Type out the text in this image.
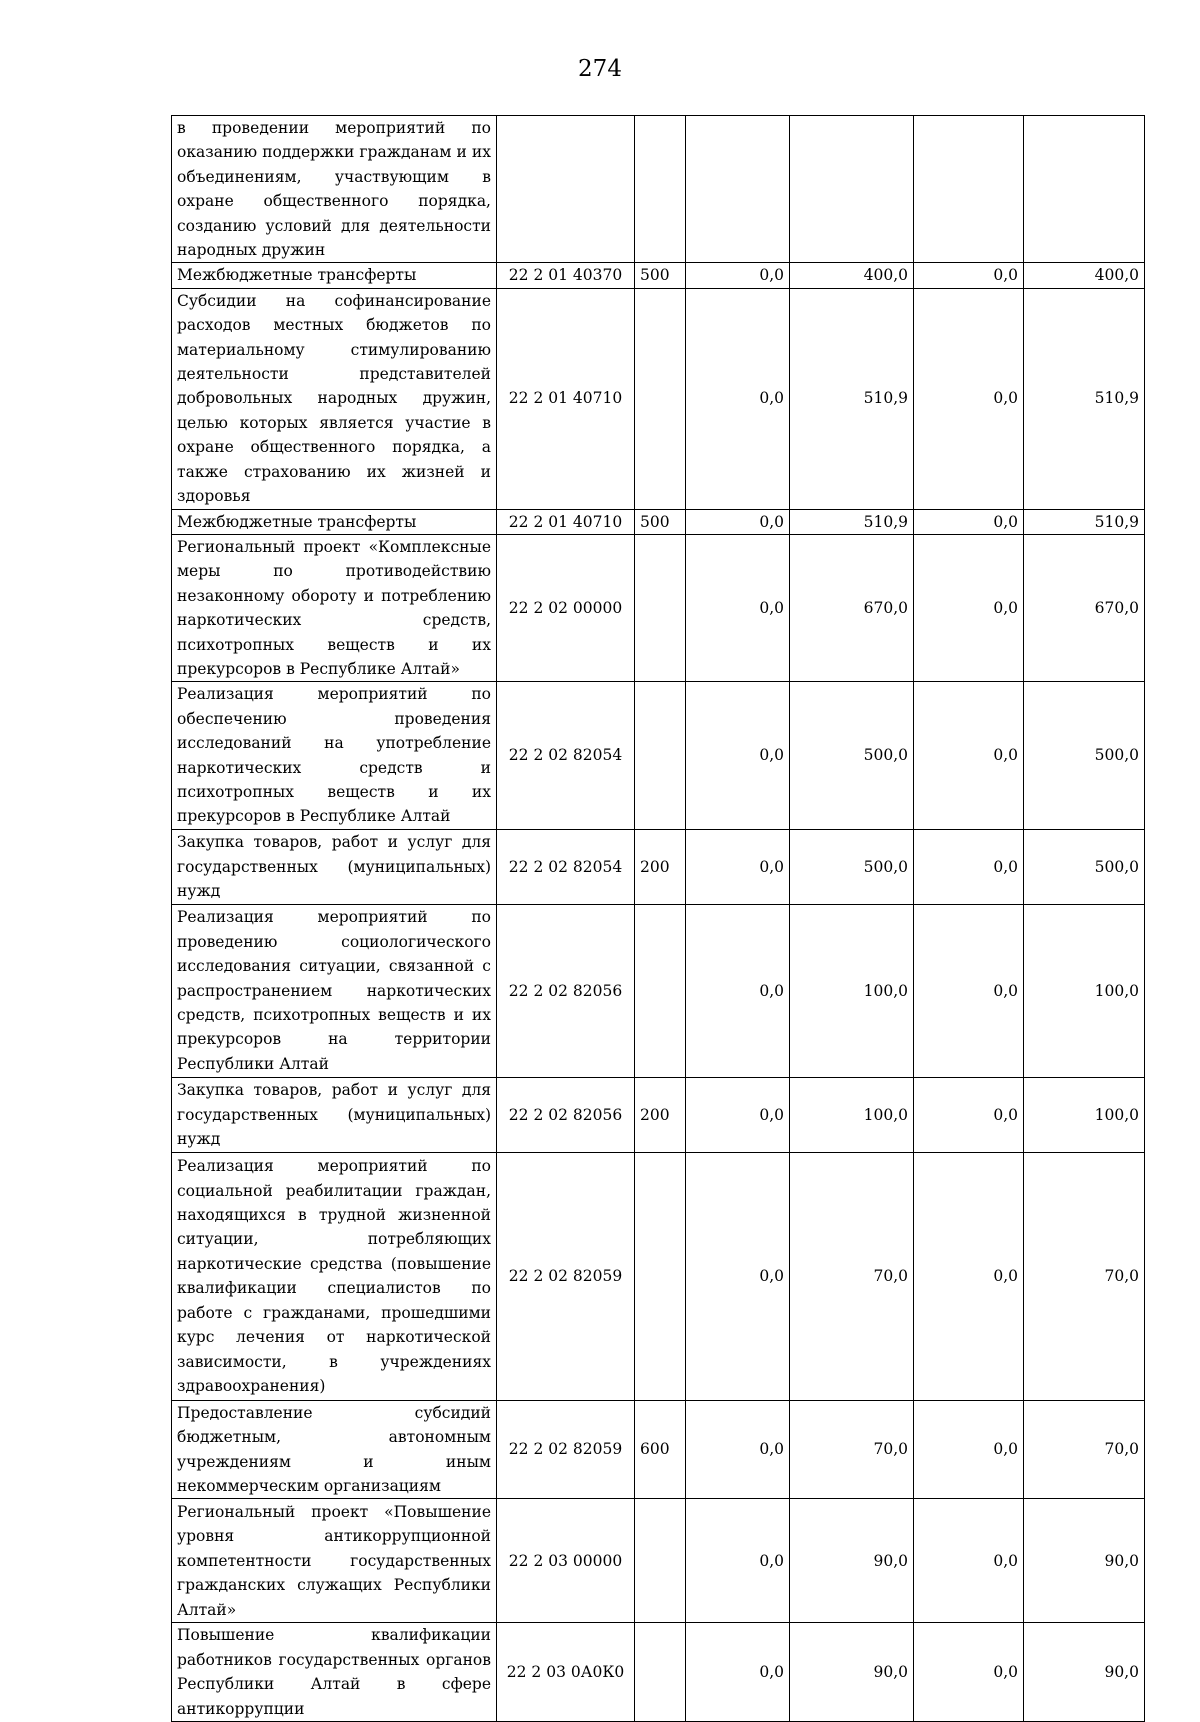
274
в проведении мероприятий по оказанию поддержки гражданам и их объединениям, участвующим в охране общественного порядка, созданию условий для деятельности народных дружин						
Межбюджетные трансферты	22 2 01 40370	500	0,0	400,0	0,0	400,0
Субсидии на софинансирование расходов местных бюджетов по материальному стимулированию деятельности представителей добровольных народных дружин, целью которых является участие в охране общественного порядка, а также страхованию их жизней и здоровья	22 2 01 40710		0,0	510,9	0,0	510,9
Межбюджетные трансферты	22 2 01 40710	500	0,0	510,9	0,0	510,9
Региональный проект «Комплексные меры по противодействию незаконному обороту и потреблению наркотических средств, психотропных веществ и их прекурсоров в Республике Алтай»	22 2 02 00000		0,0	670,0	0,0	670,0
Реализация мероприятий по обеспечению проведения исследований на употребление наркотических средств и психотропных веществ и их прекурсоров в Республике Алтай	22 2 02 82054		0,0	500,0	0,0	500,0
Закупка товаров, работ и услуг для государственных (муниципальных) нужд	22 2 02 82054	200	0,0	500,0	0,0	500,0
Реализация мероприятий по проведению социологического исследования ситуации, связанной с распространением наркотических средств, психотропных веществ и их прекурсоров на территории Республики Алтай	22 2 02 82056		0,0	100,0	0,0	100,0
Закупка товаров, работ и услуг для государственных (муниципальных) нужд	22 2 02 82056	200	0,0	100,0	0,0	100,0
Реализация мероприятий по социальной реабилитации граждан, находящихся в трудной жизненной ситуации, потребляющих наркотические средства (повышение квалификации специалистов по работе с гражданами, прошедшими курс лечения от наркотической зависимости, в учреждениях здравоохранения)	22 2 02 82059		0,0	70,0	0,0	70,0
Предоставление субсидий бюджетным, автономным учреждениям и иным некоммерческим организациям	22 2 02 82059	600	0,0	70,0	0,0	70,0
Региональный проект «Повышение уровня антикоррупционной компетентности государственных гражданских служащих Республики Алтай»	22 2 03 00000		0,0	90,0	0,0	90,0
Повышение квалификации работников государственных органов Республики Алтай в сфере антикоррупции	22 2 03 0А0К0		0,0	90,0	0,0	90,0
